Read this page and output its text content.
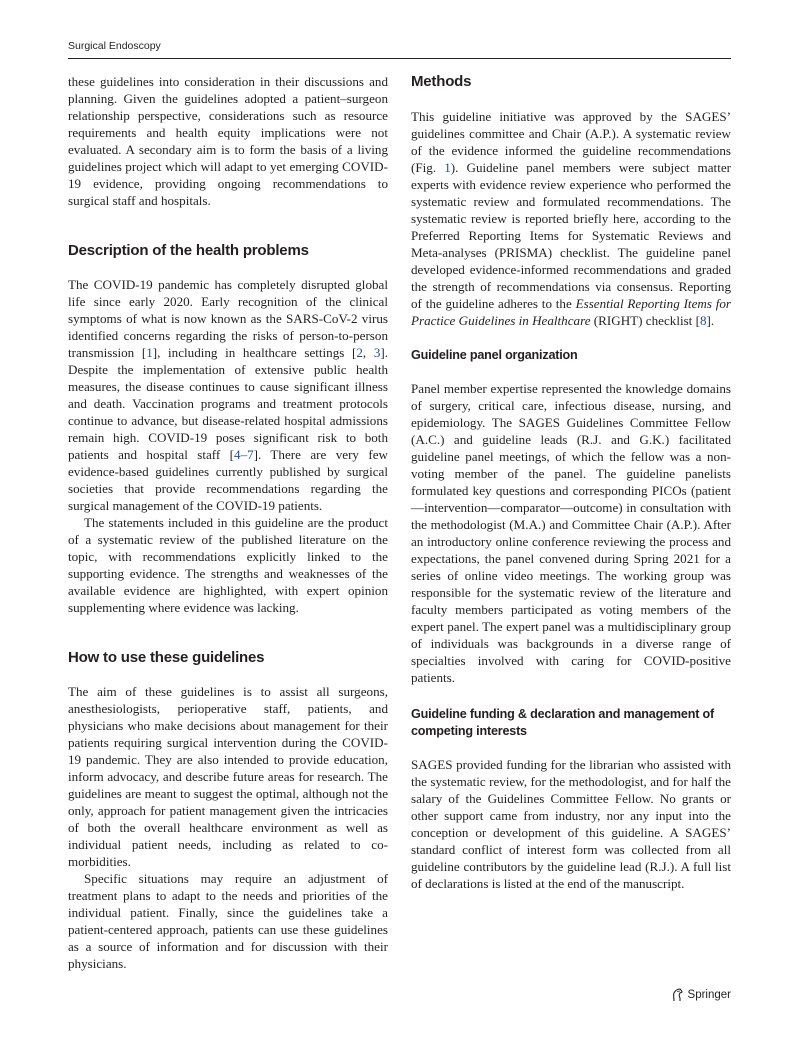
Surgical Endoscopy

these guidelines into consideration in their discussions and planning. Given the guidelines adopted a patient–surgeon relationship perspective, considerations such as resource requirements and health equity implications were not evaluated. A secondary aim is to form the basis of a living guidelines project which will adapt to yet emerging COVID-19 evidence, providing ongoing recommendations to surgical staff and hospitals.

Description of the health problems

The COVID-19 pandemic has completely disrupted global life since early 2020. Early recognition of the clinical symptoms of what is now known as the SARS-CoV-2 virus identified concerns regarding the risks of person-to-person transmission [1], including in healthcare settings [2, 3]. Despite the implementation of extensive public health measures, the disease continues to cause significant illness and death. Vaccination programs and treatment protocols continue to advance, but disease-related hospital admissions remain high. COVID-19 poses significant risk to both patients and hospital staff [4–7]. There are very few evidence-based guidelines currently published by surgical societies that provide recommendations regarding the surgical management of the COVID-19 patients.

The statements included in this guideline are the product of a systematic review of the published literature on the topic, with recommendations explicitly linked to the supporting evidence. The strengths and weaknesses of the available evidence are highlighted, with expert opinion supplementing where evidence was lacking.

How to use these guidelines

The aim of these guidelines is to assist all surgeons, anesthesiologists, perioperative staff, patients, and physicians who make decisions about management for their patients requiring surgical intervention during the COVID-19 pandemic. They are also intended to provide education, inform advocacy, and describe future areas for research. The guidelines are meant to suggest the optimal, although not the only, approach for patient management given the intricacies of both the overall healthcare environment as well as individual patient needs, including as related to co-morbidities.

Specific situations may require an adjustment of treatment plans to adapt to the needs and priorities of the individual patient. Finally, since the guidelines take a patient-centered approach, patients can use these guidelines as a source of information and for discussion with their physicians.

Methods

This guideline initiative was approved by the SAGES’ guidelines committee and Chair (A.P.). A systematic review of the evidence informed the guideline recommendations (Fig. 1). Guideline panel members were subject matter experts with evidence review experience who performed the systematic review and formulated recommendations. The systematic review is reported briefly here, according to the Preferred Reporting Items for Systematic Reviews and Meta-analyses (PRISMA) checklist. The guideline panel developed evidence-informed recommendations and graded the strength of recommendations via consensus. Reporting of the guideline adheres to the Essential Reporting Items for Practice Guidelines in Healthcare (RIGHT) checklist [8].

Guideline panel organization

Panel member expertise represented the knowledge domains of surgery, critical care, infectious disease, nursing, and epidemiology. The SAGES Guidelines Committee Fellow (A.C.) and guideline leads (R.J. and G.K.) facilitated guideline panel meetings, of which the fellow was a non-voting member of the panel. The guideline panelists formulated key questions and corresponding PICOs (patient—intervention—comparator—outcome) in consultation with the methodologist (M.A.) and Committee Chair (A.P.). After an introductory online conference reviewing the process and expectations, the panel convened during Spring 2021 for a series of online video meetings. The working group was responsible for the systematic review of the literature and faculty members participated as voting members of the expert panel. The expert panel was a multidisciplinary group of individuals was backgrounds in a diverse range of specialties involved with caring for COVID-positive patients.

Guideline funding & declaration and management of competing interests

SAGES provided funding for the librarian who assisted with the systematic review, for the methodologist, and for half the salary of the Guidelines Committee Fellow. No grants or other support came from industry, nor any input into the conception or development of this guideline. A SAGES’ standard conflict of interest form was collected from all guideline contributors by the guideline lead (R.J.). A full list of declarations is listed at the end of the manuscript.

Springer
